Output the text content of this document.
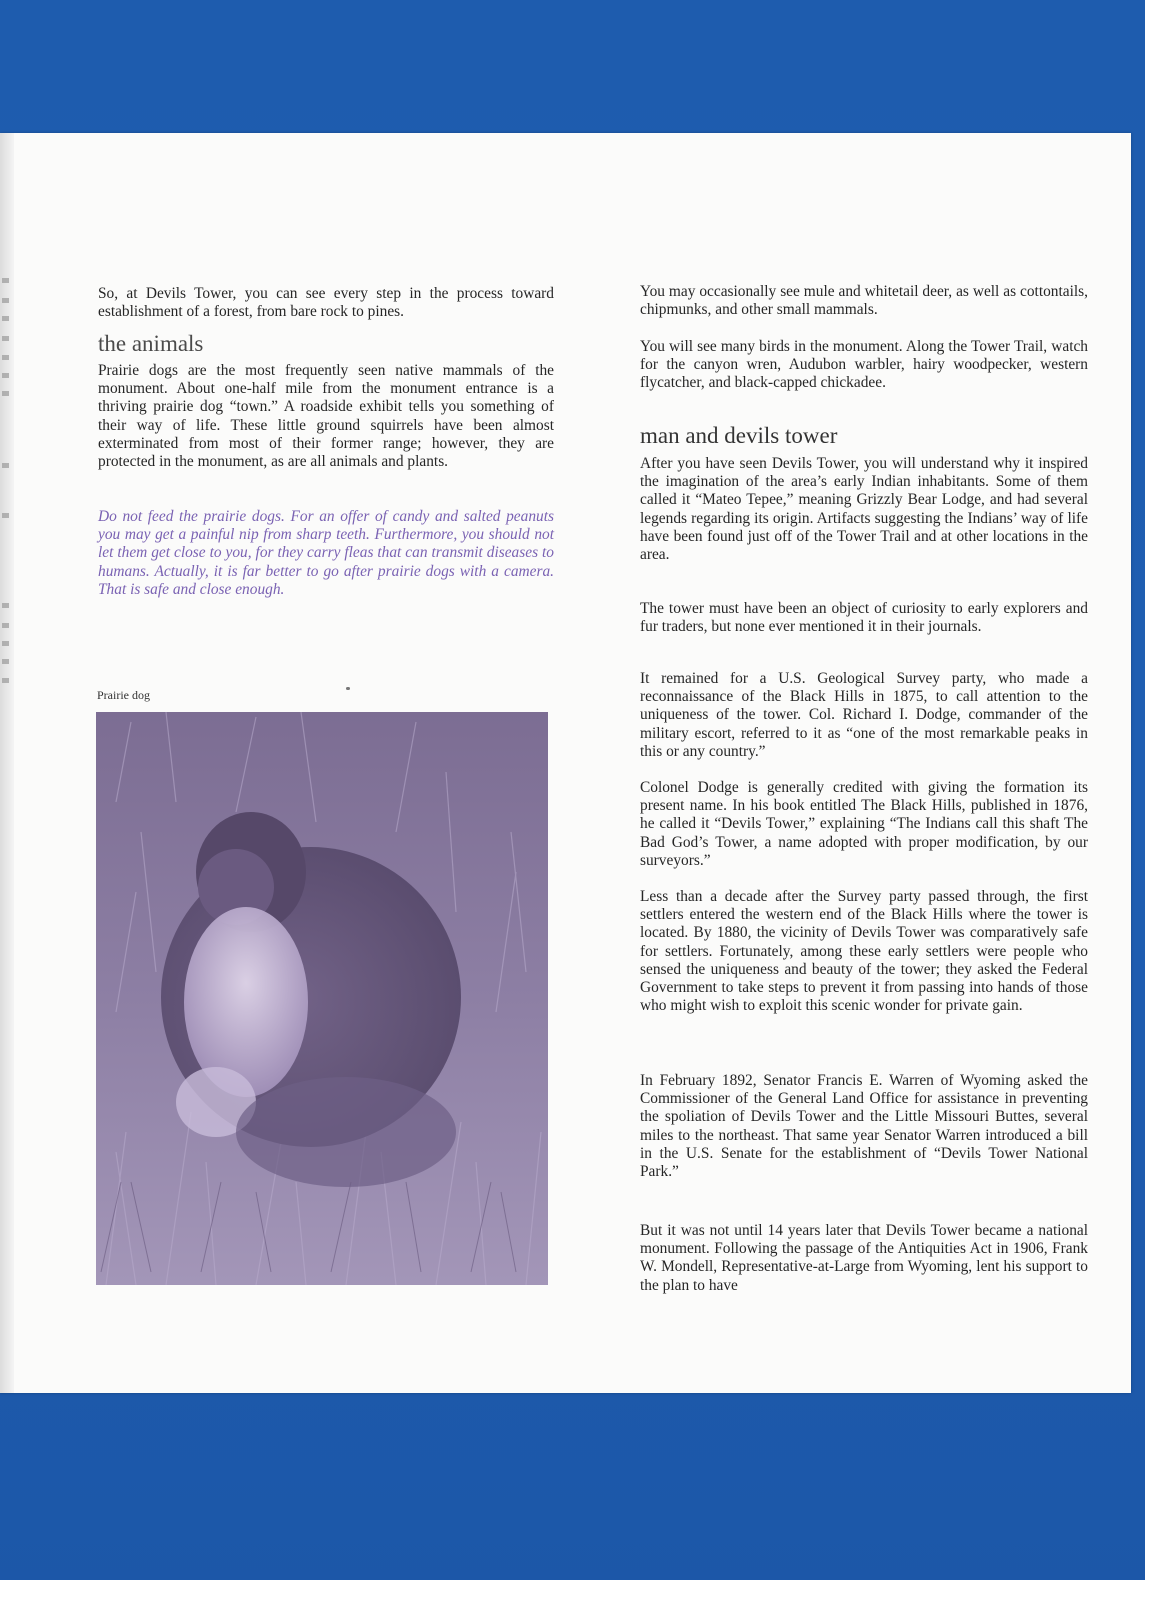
So, at Devils Tower, you can see every step in the process toward establishment of a forest, from bare rock to pines.

the animals

Prairie dogs are the most frequently seen native mammals of the monument. About one-half mile from the monument entrance is a thriving prairie dog “town.” A roadside exhibit tells you something of their way of life. These little ground squirrels have been almost exterminated from most of their former range; however, they are protected in the monument, as are all animals and plants.

Do not feed the prairie dogs. For an offer of candy and salted peanuts you may get a painful nip from sharp teeth. Furthermore, you should not let them get close to you, for they carry fleas that can transmit diseases to humans. Actually, it is far better to go after prairie dogs with a camera. That is safe and close enough.

Prairie dog

You may occasionally see mule and whitetail deer, as well as cottontails, chipmunks, and other small mammals.

You will see many birds in the monument. Along the Tower Trail, watch for the canyon wren, Audubon warbler, hairy woodpecker, western flycatcher, and black-capped chickadee.

man and devils tower

After you have seen Devils Tower, you will understand why it inspired the imagination of the area’s early Indian inhabitants. Some of them called it “Mateo Tepee,” meaning Grizzly Bear Lodge, and had several legends regarding its origin. Artifacts suggesting the Indians’ way of life have been found just off of the Tower Trail and at other locations in the area.

The tower must have been an object of curiosity to early explorers and fur traders, but none ever mentioned it in their journals.

It remained for a U.S. Geological Survey party, who made a reconnaissance of the Black Hills in 1875, to call attention to the uniqueness of the tower. Col. Richard I. Dodge, commander of the military escort, referred to it as “one of the most remarkable peaks in this or any country.”

Colonel Dodge is generally credited with giving the formation its present name. In his book entitled The Black Hills, published in 1876, he called it “Devils Tower,” explaining “The Indians call this shaft The Bad God’s Tower, a name adopted with proper modification, by our surveyors.”

Less than a decade after the Survey party passed through, the first settlers entered the western end of the Black Hills where the tower is located. By 1880, the vicinity of Devils Tower was comparatively safe for settlers. Fortunately, among these early settlers were people who sensed the uniqueness and beauty of the tower; they asked the Federal Government to take steps to prevent it from passing into hands of those who might wish to exploit this scenic wonder for private gain.

In February 1892, Senator Francis E. Warren of Wyoming asked the Commissioner of the General Land Office for assistance in preventing the spoliation of Devils Tower and the Little Missouri Buttes, several miles to the northeast. That same year Senator Warren introduced a bill in the U.S. Senate for the establishment of “Devils Tower National Park.”

But it was not until 14 years later that Devils Tower became a national monument. Following the passage of the Antiquities Act in 1906, Frank W. Mondell, Representative-at-Large from Wyoming, lent his support to the plan to have
